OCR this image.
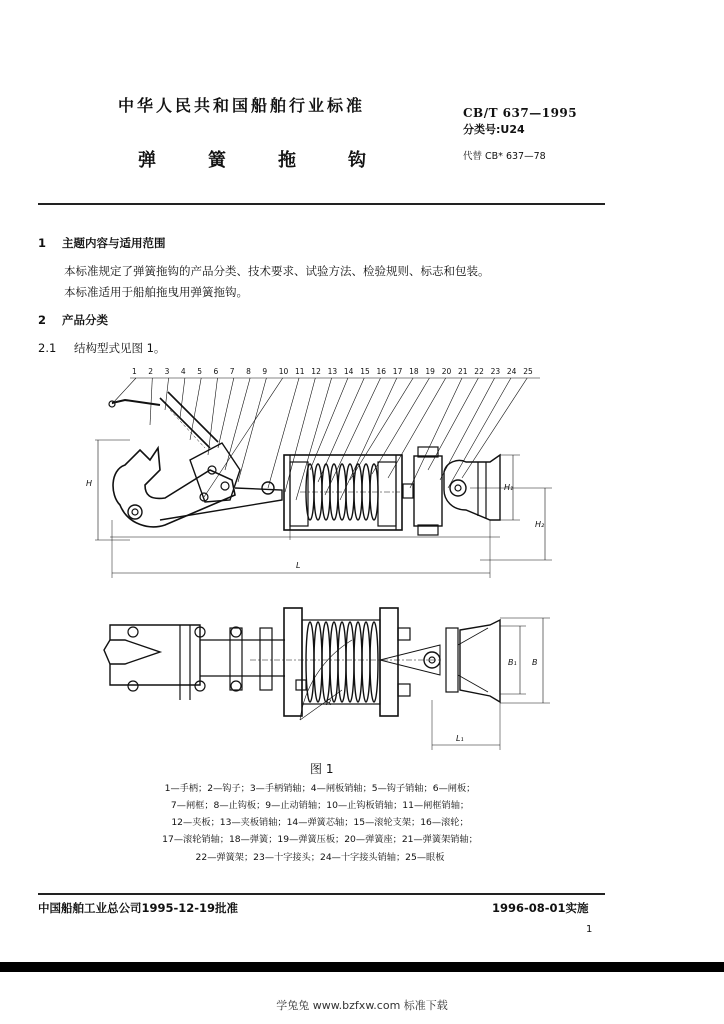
中华人民共和国船舶行业标准
弹簧拖钩
CB/T 637—1995
分类号:U24
代替 CB* 637—78
1 主题内容与适用范围
本标准规定了弹簧拖钩的产品分类、技术要求、试验方法、检验规则、标志和包装。
本标准适用于船舶拖曳用弹簧拖钩。
2 产品分类
2.1 结构型式见图 1。
1 2 3 4 5 6 7 8 9 10 11 12 13 14 15 16 17 18 19 20 21 22 23 24 25
H
L
H₁
H₂
B₁ B
L₁
R
图 1
1—手柄；2—钩子；3—手柄销轴；4—闸板销轴；5—钩子销轴；6—闸板；
7—闸框；8—止钩板；9—止动销轴；10—止钩板销轴；11—闸框销轴；
12—夹板；13—夹板销轴；14—弹簧芯轴；15—滚轮支架；16—滚轮；
17—滚轮销轴；18—弹簧；19—弹簧压板；20—弹簧座；21—弹簧架销轴；
22—弹簧架；23—十字接头；24—十字接头销轴；25—眼板
中国船舶工业总公司1995-12-19批准	1996-08-01实施
1
学兔兔 www.bzfxw.com 标准下载
